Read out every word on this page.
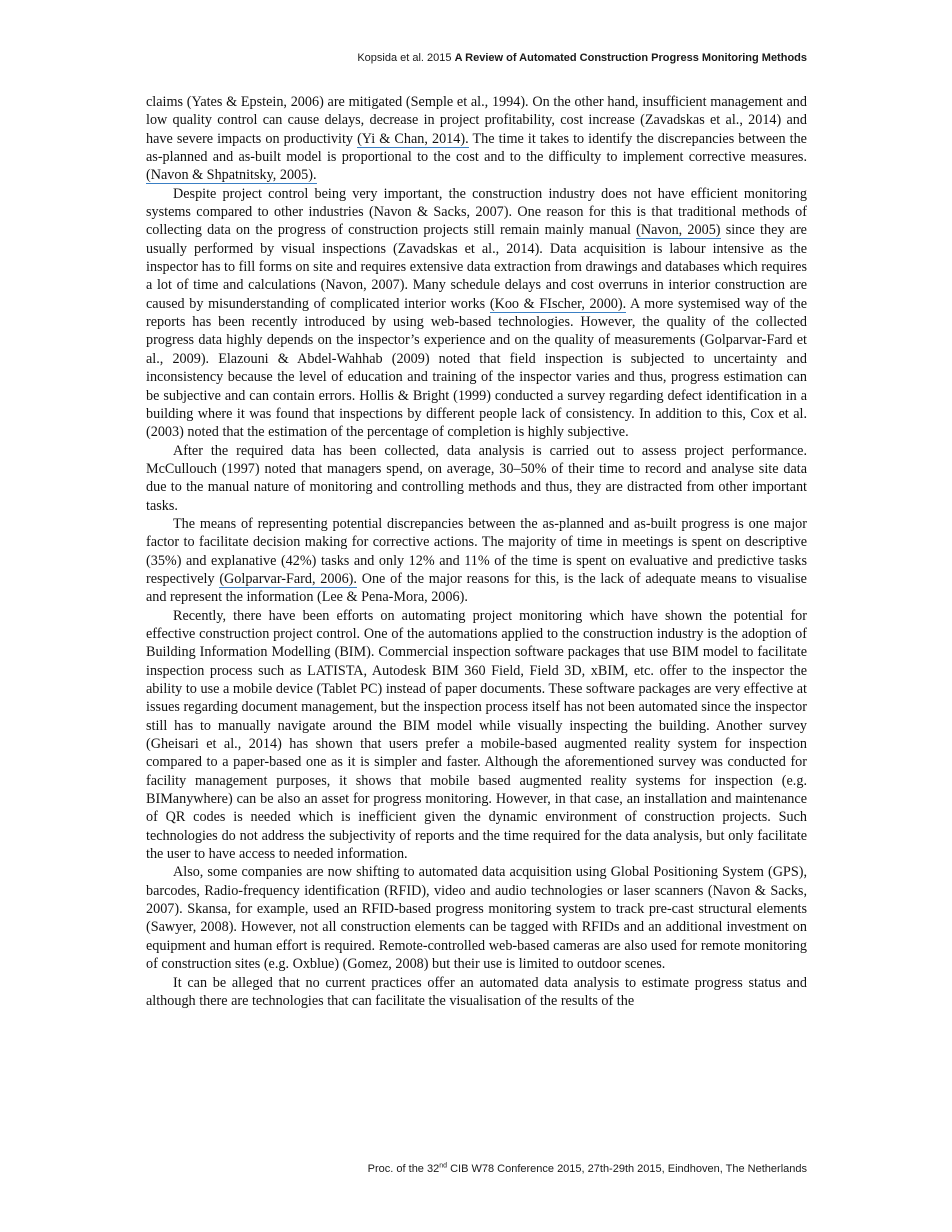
Kopsida et al. 2015 A Review of Automated Construction Progress Monitoring Methods

claims (Yates & Epstein, 2006) are mitigated (Semple et al., 1994). On the other hand, insufficient management and low quality control can cause delays, decrease in project profitability, cost increase (Zavadskas et al., 2014) and have severe impacts on productivity (Yi & Chan, 2014). The time it takes to identify the discrepancies between the as-planned and as-built model is proportional to the cost and to the difficulty to implement corrective measures. (Navon & Shpatnitsky, 2005).

Despite project control being very important, the construction industry does not have efficient monitoring systems compared to other industries (Navon & Sacks, 2007). One reason for this is that traditional methods of collecting data on the progress of construction projects still remain mainly manual (Navon, 2005) since they are usually performed by visual inspections (Zavadskas et al., 2014). Data acquisition is labour intensive as the inspector has to fill forms on site and requires extensive data extraction from drawings and databases which requires a lot of time and calculations (Navon, 2007). Many schedule delays and cost overruns in interior construction are caused by misunderstanding of complicated interior works (Koo & FIscher, 2000). A more systemised way of the reports has been recently introduced by using web-based technologies. However, the quality of the collected progress data highly depends on the inspector’s experience and on the quality of measurements (Golparvar-Fard et al., 2009). Elazouni & Abdel-Wahhab (2009) noted that field inspection is subjected to uncertainty and inconsistency because the level of education and training of the inspector varies and thus, progress estimation can be subjective and can contain errors. Hollis & Bright (1999) conducted a survey regarding defect identification in a building where it was found that inspections by different people lack of consistency. In addition to this, Cox et al. (2003) noted that the estimation of the percentage of completion is highly subjective.

After the required data has been collected, data analysis is carried out to assess project performance. McCullouch (1997) noted that managers spend, on average, 30–50% of their time to record and analyse site data due to the manual nature of monitoring and controlling methods and thus, they are distracted from other important tasks.

The means of representing potential discrepancies between the as-planned and as-built progress is one major factor to facilitate decision making for corrective actions. The majority of time in meetings is spent on descriptive (35%) and explanative (42%) tasks and only 12% and 11% of the time is spent on evaluative and predictive tasks respectively (Golparvar-Fard, 2006). One of the major reasons for this, is the lack of adequate means to visualise and represent the information (Lee & Pena-Mora, 2006).

Recently, there have been efforts on automating project monitoring which have shown the potential for effective construction project control. One of the automations applied to the construction industry is the adoption of Building Information Modelling (BIM). Commercial inspection software packages that use BIM model to facilitate inspection process such as LATISTA, Autodesk BIM 360 Field, Field 3D, xBIM, etc. offer to the inspector the ability to use a mobile device (Tablet PC) instead of paper documents. These software packages are very effective at issues regarding document management, but the inspection process itself has not been automated since the inspector still has to manually navigate around the BIM model while visually inspecting the building. Another survey (Gheisari et al., 2014) has shown that users prefer a mobile-based augmented reality system for inspection compared to a paper-based one as it is simpler and faster. Although the aforementioned survey was conducted for facility management purposes, it shows that mobile based augmented reality systems for inspection (e.g. BIManywhere) can be also an asset for progress monitoring. However, in that case, an installation and maintenance of QR codes is needed which is inefficient given the dynamic environment of construction projects. Such technologies do not address the subjectivity of reports and the time required for the data analysis, but only facilitate the user to have access to needed information.

Also, some companies are now shifting to automated data acquisition using Global Positioning System (GPS), barcodes, Radio-frequency identification (RFID), video and audio technologies or laser scanners (Navon & Sacks, 2007). Skansa, for example, used an RFID-based progress monitoring system to track pre-cast structural elements (Sawyer, 2008). However, not all construction elements can be tagged with RFIDs and an additional investment on equipment and human effort is required. Remote-controlled web-based cameras are also used for remote monitoring of construction sites (e.g. Oxblue) (Gomez, 2008) but their use is limited to outdoor scenes.

It can be alleged that no current practices offer an automated data analysis to estimate progress status and although there are technologies that can facilitate the visualisation of the results of the

Proc. of the 32nd CIB W78 Conference 2015, 27th-29th 2015, Eindhoven, The Netherlands
